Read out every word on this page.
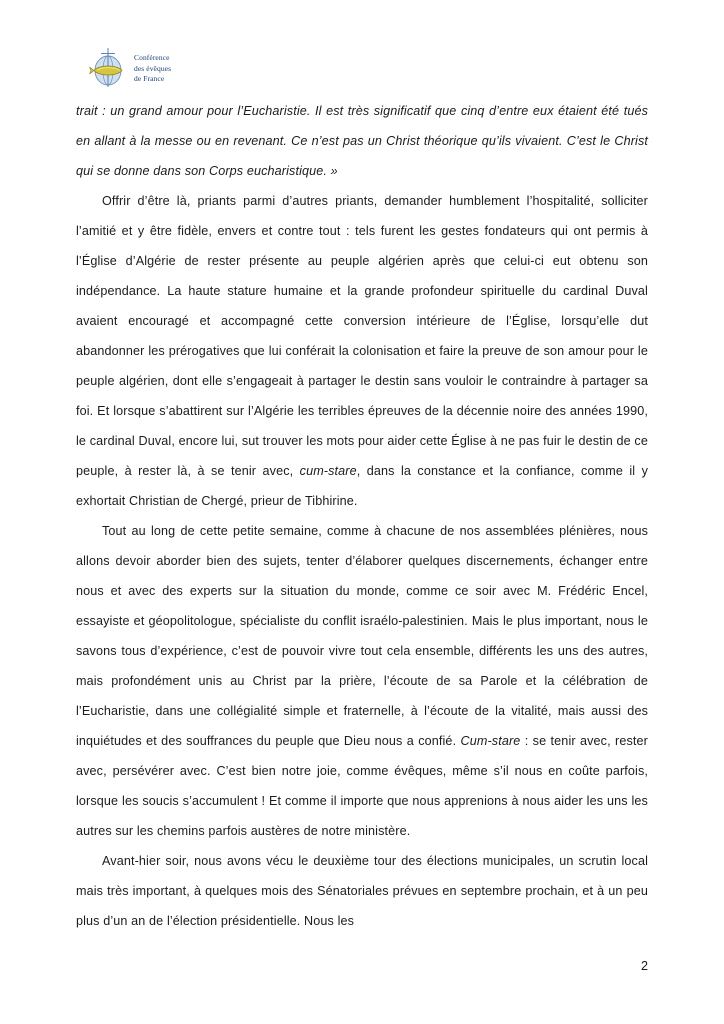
Conférence
des évêques
de France

trait : un grand amour pour l’Eucharistie. Il est très significatif que cinq d’entre eux étaient été tués en allant à la messe ou en revenant. Ce n’est pas un Christ théorique qu’ils vivaient. C’est le Christ qui se donne dans son Corps eucharistique. »

Offrir d’être là, priants parmi d’autres priants, demander humblement l’hospitalité, solliciter l’amitié et y être fidèle, envers et contre tout : tels furent les gestes fondateurs qui ont permis à l’Église d’Algérie de rester présente au peuple algérien après que celui-ci eut obtenu son indépendance. La haute stature humaine et la grande profondeur spirituelle du cardinal Duval avaient encouragé et accompagné cette conversion intérieure de l’Église, lorsqu’elle dut abandonner les prérogatives que lui conférait la colonisation et faire la preuve de son amour pour le peuple algérien, dont elle s’engageait à partager le destin sans vouloir le contraindre à partager sa foi. Et lorsque s’abattirent sur l’Algérie les terribles épreuves de la décennie noire des années 1990, le cardinal Duval, encore lui, sut trouver les mots pour aider cette Église à ne pas fuir le destin de ce peuple, à rester là, à se tenir avec, cum-stare, dans la constance et la confiance, comme il y exhortait Christian de Chergé, prieur de Tibhirine.

Tout au long de cette petite semaine, comme à chacune de nos assemblées plénières, nous allons devoir aborder bien des sujets, tenter d’élaborer quelques discernements, échanger entre nous et avec des experts sur la situation du monde, comme ce soir avec M. Frédéric Encel, essayiste et géopolitologue, spécialiste du conflit israélo-palestinien. Mais le plus important, nous le savons tous d’expérience, c’est de pouvoir vivre tout cela ensemble, différents les uns des autres, mais profondément unis au Christ par la prière, l’écoute de sa Parole et la célébration de l’Eucharistie, dans une collégialité simple et fraternelle, à l’écoute de la vitalité, mais aussi des inquiétudes et des souffrances du peuple que Dieu nous a confié. Cum-stare : se tenir avec, rester avec, persévérer avec. C’est bien notre joie, comme évêques, même s’il nous en coûte parfois, lorsque les soucis s’accumulent ! Et comme il importe que nous apprenions à nous aider les uns les autres sur les chemins parfois austères de notre ministère.

Avant-hier soir, nous avons vécu le deuxième tour des élections municipales, un scrutin local mais très important, à quelques mois des Sénatoriales prévues en septembre prochain, et à un peu plus d’un an de l’élection présidentielle. Nous les

2
